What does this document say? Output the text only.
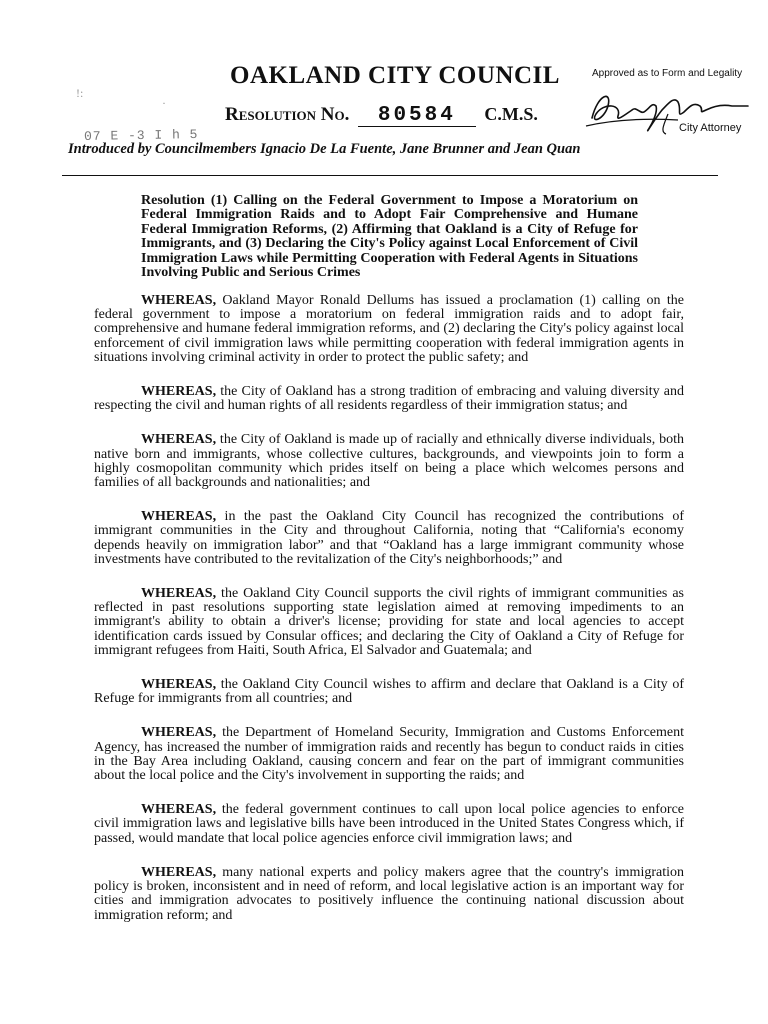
!:
·
07 E -3 I h 5
OAKLAND CITY COUNCIL
Resolution No. 80584 C.M.S.
Approved as to Form and Legality
City Attorney
Introduced by Councilmembers Ignacio De La Fuente, Jane Brunner and Jean Quan
Resolution (1) Calling on the Federal Government to Impose a Moratorium on Federal Immigration Raids and to Adopt Fair Comprehensive and Humane Federal Immigration Reforms, (2) Affirming that Oakland is a City of Refuge for Immigrants, and (3) Declaring the City's Policy against Local Enforcement of Civil Immigration Laws while Permitting Cooperation with Federal Agents in Situations Involving Public and Serious Crimes

WHEREAS, Oakland Mayor Ronald Dellums has issued a proclamation (1) calling on the federal government to impose a moratorium on federal immigration raids and to adopt fair, comprehensive and humane federal immigration reforms, and (2) declaring the City's policy against local enforcement of civil immigration laws while permitting cooperation with federal immigration agents in situations involving criminal activity in order to protect the public safety; and

WHEREAS, the City of Oakland has a strong tradition of embracing and valuing diversity and respecting the civil and human rights of all residents regardless of their immigration status; and

WHEREAS, the City of Oakland is made up of racially and ethnically diverse individuals, both native born and immigrants, whose collective cultures, backgrounds, and viewpoints join to form a highly cosmopolitan community which prides itself on being a place which welcomes persons and families of all backgrounds and nationalities; and

WHEREAS, in the past the Oakland City Council has recognized the contributions of immigrant communities in the City and throughout California, noting that “California's economy depends heavily on immigration labor” and that “Oakland has a large immigrant community whose investments have contributed to the revitalization of the City's neighborhoods;” and

WHEREAS, the Oakland City Council supports the civil rights of immigrant communities as reflected in past resolutions supporting state legislation aimed at removing impediments to an immigrant's ability to obtain a driver's license; providing for state and local agencies to accept identification cards issued by Consular offices; and declaring the City of Oakland a City of Refuge for immigrant refugees from Haiti, South Africa, El Salvador and Guatemala; and

WHEREAS, the Oakland City Council wishes to affirm and declare that Oakland is a City of Refuge for immigrants from all countries; and

WHEREAS, the Department of Homeland Security, Immigration and Customs Enforcement Agency, has increased the number of immigration raids and recently has begun to conduct raids in cities in the Bay Area including Oakland, causing concern and fear on the part of immigrant communities about the local police and the City's involvement in supporting the raids; and

WHEREAS, the federal government continues to call upon local police agencies to enforce civil immigration laws and legislative bills have been introduced in the United States Congress which, if passed, would mandate that local police agencies enforce civil immigration laws; and

WHEREAS, many national experts and policy makers agree that the country's immigration policy is broken, inconsistent and in need of reform, and local legislative action is an important way for cities and immigration advocates to positively influence the continuing national discussion about immigration reform; and
